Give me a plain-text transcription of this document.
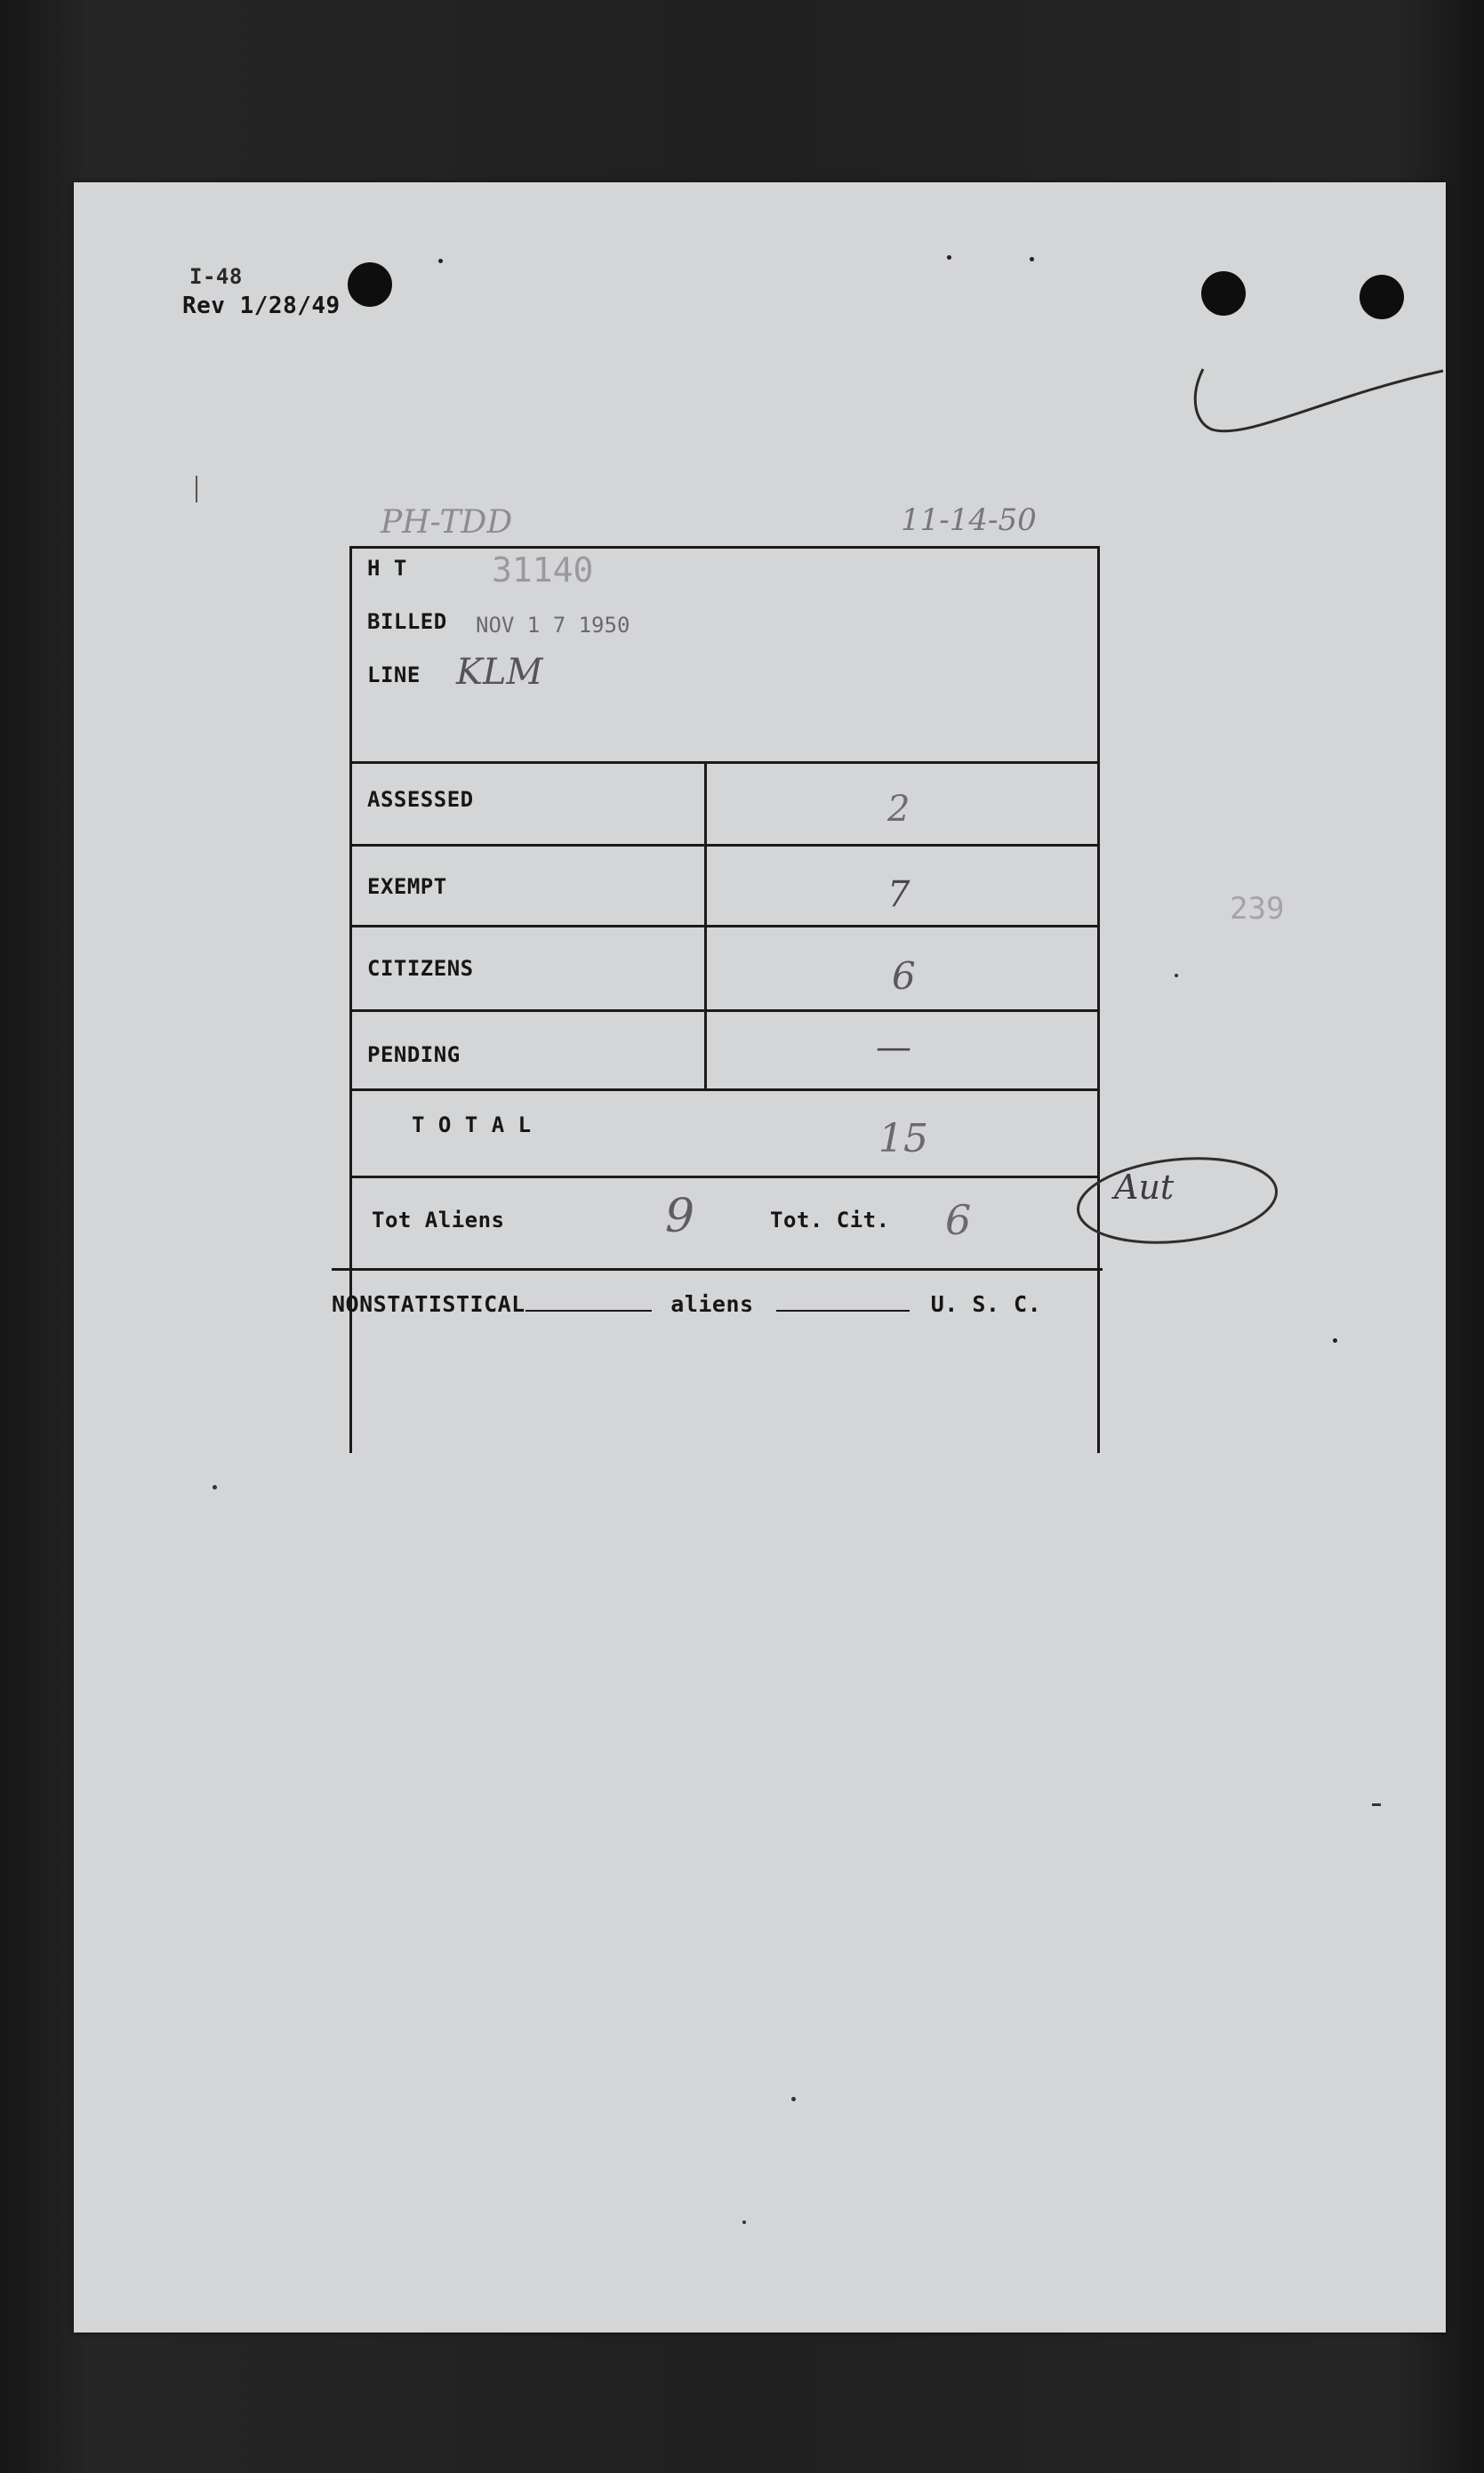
I-48
Rev 1/28/49
PH-TDD	11-14-50
H T	31140
BILLED NOV 1 7 1950
LINE KLM
ASSESSED	2
EXEMPT	7
CITIZENS	6
PENDING	—
T O T A L	15
Tot Aliens	9	Tot. Cit. 6
Aut
239
NONSTATISTICAL	aliens	U. S. C.
